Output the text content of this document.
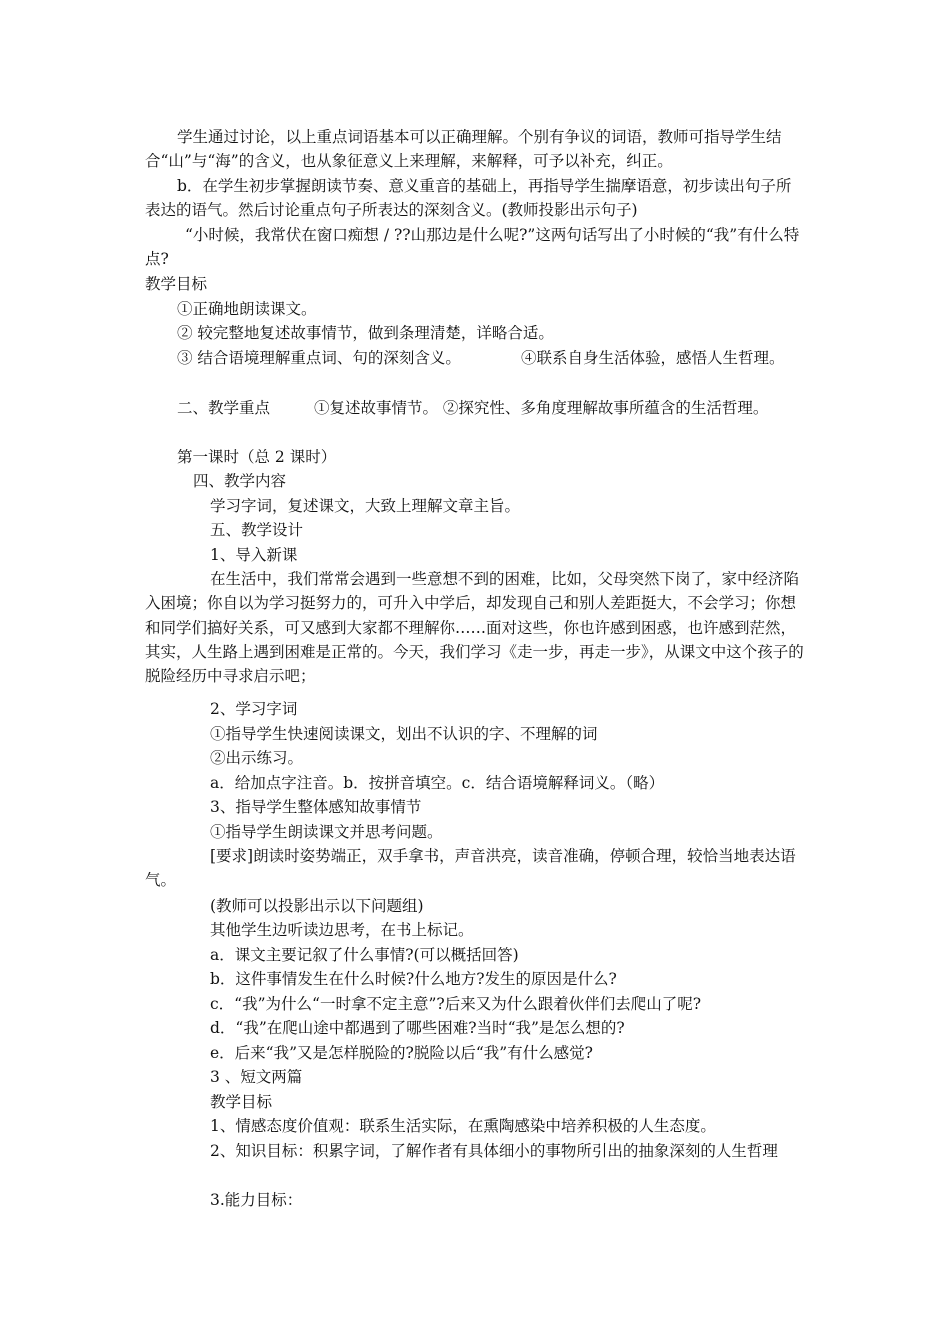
学生通过讨论，以上重点词语基本可以正确理解。个别有争议的词语，教师可指导学生结合“山”与“海”的含义，也从象征意义上来理解，来解释，可予以补充，纠正。

b．在学生初步掌握朗读节奏、意义重音的基础上，再指导学生揣摩语意，初步读出句子所表达的语气。然后讨论重点句子所表达的深刻含义。(教师投影出示句子)

“小时候，我常伏在窗口痴想 / ??山那边是什么呢?”这两句话写出了小时候的“我”有什么特点?

教学目标

①正确地朗读课文。

② 较完整地复述故事情节，做到条理清楚，详略合适。

③ 结合语境理解重点词、句的深刻含义。	④联系自身生活体验，感悟人生哲理。

二、教学重点	①复述故事情节。 ②探究性、多角度理解故事所蕴含的生活哲理。

第一课时（总 2 课时）

四、教学内容

学习字词，复述课文，大致上理解文章主旨。

五、教学设计

1、导入新课

在生活中，我们常常会遇到一些意想不到的困难，比如，父母突然下岗了，家中经济陷入困境；你自以为学习挺努力的，可升入中学后，却发现自己和别人差距挺大，不会学习；你想和同学们搞好关系，可又感到大家都不理解你……面对这些，你也许感到困惑，也许感到茫然，其实，人生路上遇到困难是正常的。今天，我们学习《走一步，再走一步》，从课文中这个孩子的脱险经历中寻求启示吧；

2、学习字词

①指导学生快速阅读课文，划出不认识的字、不理解的词

②出示练习。

a．给加点字注音。b．按拼音填空。c．结合语境解释词义。（略）

3、指导学生整体感知故事情节

①指导学生朗读课文并思考问题。

[要求]朗读时姿势端正，双手拿书，声音洪亮，读音准确，停顿合理，较恰当地表达语气。

(教师可以投影出示以下问题组)

其他学生边听读边思考，在书上标记。

a．课文主要记叙了什么事情?(可以概括回答)

b．这件事情发生在什么时候?什么地方?发生的原因是什么?

c．“我”为什么“一时拿不定主意”?后来又为什么跟着伙伴们去爬山了呢?

d．“我”在爬山途中都遇到了哪些困难?当时“我”是怎么想的?

e．后来“我”又是怎样脱险的?脱险以后“我”有什么感觉?

3 、短文两篇

教学目标

1、情感态度价值观：联系生活实际，在熏陶感染中培养积极的人生态度。

2、知识目标：积累字词，了解作者有具体细小的事物所引出的抽象深刻的人生哲理

3.能力目标：
